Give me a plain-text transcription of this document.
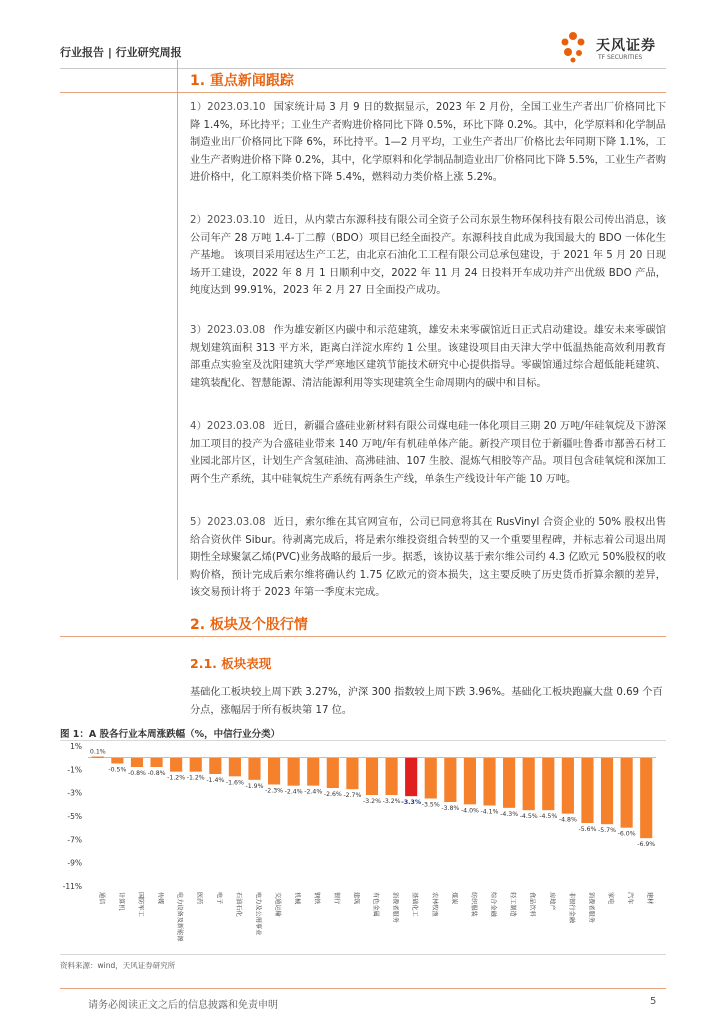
行业报告 | 行业研究周报	天风证券
TF SECURITIES
1. 重点新闻跟踪
1）2023.03.10 国家统计局 3 月 9 日的数据显示，2023 年 2 月份，全国工业生产者出厂价格同比下降 1.4%，环比持平；工业生产者购进价格同比下降 0.5%，环比下降 0.2%。其中，化学原料和化学制品制造业出厂价格同比下降 6%，环比持平。1—2 月平均，工业生产者出厂价格比去年同期下降 1.1%，工业生产者购进价格下降 0.2%，其中，化学原料和化学制品制造业出厂价格同比下降 5.5%，工业生产者购进价格中，化工原料类价格下降 5.4%，燃料动力类价格上涨 5.2%。
2）2023.03.10 近日，从内蒙古东源科技有限公司全资子公司东景生物环保科技有限公司传出消息，该公司年产 28 万吨 1.4-丁二醇（BDO）项目已经全面投产。东源科技自此成为我国最大的 BDO 一体化生产基地。 该项目采用冠达生产工艺，由北京石油化工工程有限公司总承包建设，于 2021 年 5 月 20 日现场开工建设，2022 年 8 月 1 日顺利中交，2022 年 11 月 24 日投料开车成功并产出优级 BDO 产品，纯度达到 99.91%，2023 年 2 月 27 日全面投产成功。
3）2023.03.08 作为雄安新区内碳中和示范建筑，雄安未来零碳馆近日正式启动建设。雄安未来零碳馆规划建筑面积 313 平方米，距离白洋淀水库约 1 公里。该建设项目由天津大学中低温热能高效利用教育部重点实验室及沈阳建筑大学严寒地区建筑节能技术研究中心提供指导。零碳馆通过综合超低能耗建筑、建筑装配化、智慧能源、清洁能源利用等实现建筑全生命周期内的碳中和目标。
4）2023.03.08 近日，新疆合盛硅业新材料有限公司煤电硅一体化项目三期 20 万吨/年硅氧烷及下游深加工项目的投产为合盛硅业带来 140 万吨/年有机硅单体产能。新投产项目位于新疆吐鲁番市鄯善石材工业园北部片区，计划生产含氢硅油、高沸硅油、107 生胶、混炼气相胶等产品。项目包含硅氧烷和深加工两个生产系统，其中硅氧烷生产系统有两条生产线，单条生产线设计年产能 10 万吨。
5）2023.03.08 近日，索尔维在其官网宣布，公司已同意将其在 RusVinyl 合资企业的 50% 股权出售给合资伙伴 Sibur。待剥离完成后，将是索尔维投资组合转型的又一个重要里程碑，并标志着公司退出周期性全球聚氯乙烯(PVC)业务战略的最后一步。据悉，该协议基于索尔维公司约 4.3 亿欧元 50%股权的收购价格，预计完成后索尔维将确认约 1.75 亿欧元的资本损失，这主要反映了历史货币折算余额的差异，该交易预计将于 2023 年第一季度末完成。
2. 板块及个股行情
2.1. 板块表现
基础化工板块较上周下跌 3.27%，沪深 300 指数较上周下跌 3.96%。基础化工板块跑赢大盘 0.69 个百分点，涨幅居于所有板块第 17 位。
图 1：A 股各行业本周涨跌幅（%，中信行业分类）
1%
-1%
-3%
-5%
-7%
-9%
-11%
0.1%
通信
-0.5%
计算机
-0.8%
国防军工
-0.8%
传媒
-1.2%
电力设备及新能源
-1.2%
医药
-1.4%
电子
-1.6%
石油石化
-1.9%
电力及公用事业
-2.3%
交通运输
-2.4%
机械
-2.4%
钢铁
-2.6%
银行
-2.7%
建筑
-3.2%
有色金属
-3.2%
消费者服务
-3.3%
基础化工
-3.5%
农林牧渔
-3.8%
煤炭
-4.0%
纺织服装
-4.1%
综合金融
-4.3%
轻工制造
-4.5%
食品饮料
-4.5%
房地产
-4.8%
非银行金融
-5.6%
消费者服务
-5.7%
家电
-6.0%
汽车
-6.9%
建材
资料来源：wind，天风证券研究所
请务必阅读正文之后的信息披露和免责申明	5
